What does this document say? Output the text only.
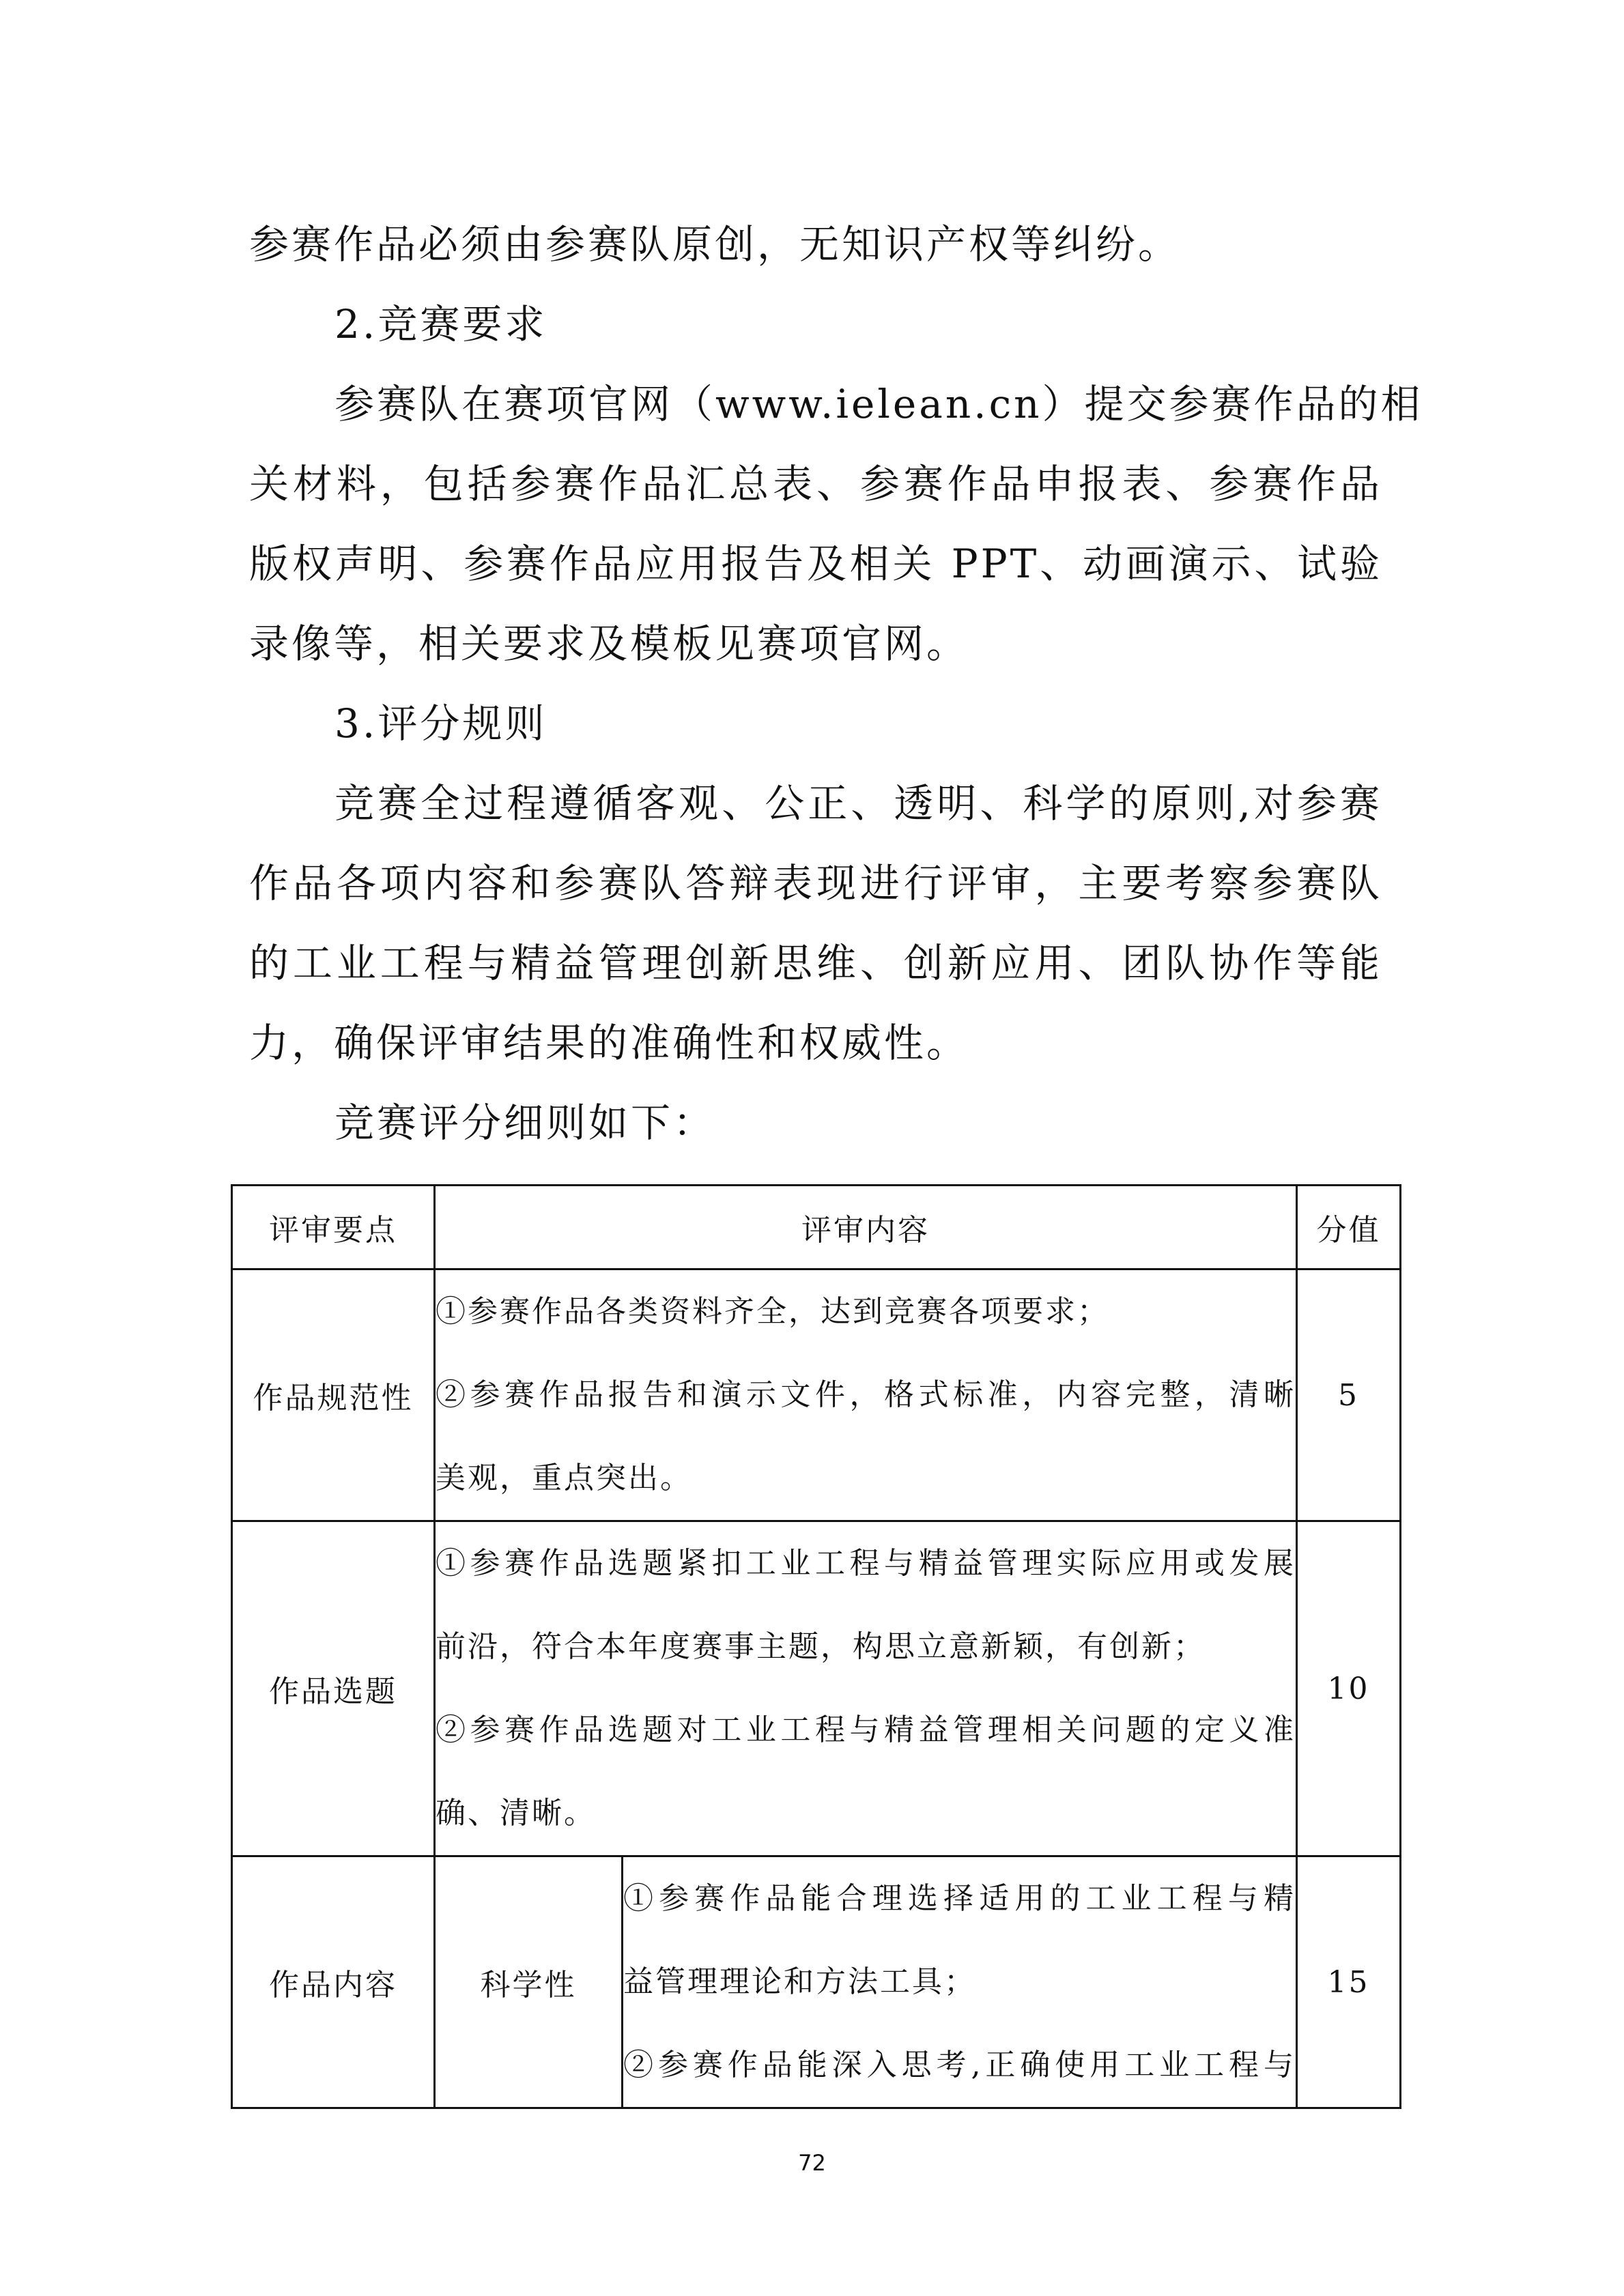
参赛作品必须由参赛队原创，无知识产权等纠纷。

2.竞赛要求

参赛队在赛项官网（www.ielean.cn）提交参赛作品的相

关材料，包括参赛作品汇总表、参赛作品申报表、参赛作品

版权声明、参赛作品应用报告及相关 PPT、动画演示、试验

录像等，相关要求及模板见赛项官网。

3.评分规则

竞赛全过程遵循客观、公正、透明、科学的原则,对参赛

作品各项内容和参赛队答辩表现进行评审，主要考察参赛队

的工业工程与精益管理创新思维、创新应用、团队协作等能

力，确保评审结果的准确性和权威性。

竞赛评分细则如下：

评审要点	评审内容		分值
作品规范性	①参赛作品各类资料齐全，达到竞赛各项要求；
②参赛作品报告和演示文件，格式标准，内容完整，清晰
美观，重点突出。		5
作品选题	①参赛作品选题紧扣工业工程与精益管理实际应用或发展
前沿，符合本年度赛事主题，构思立意新颖，有创新；
②参赛作品选题对工业工程与精益管理相关问题的定义准
确、清晰。		10
作品内容	科学性	①参赛作品能合理选择适用的工业工程与精
益管理理论和方法工具；
②参赛作品能深入思考,正确使用工业工程与	15
72
